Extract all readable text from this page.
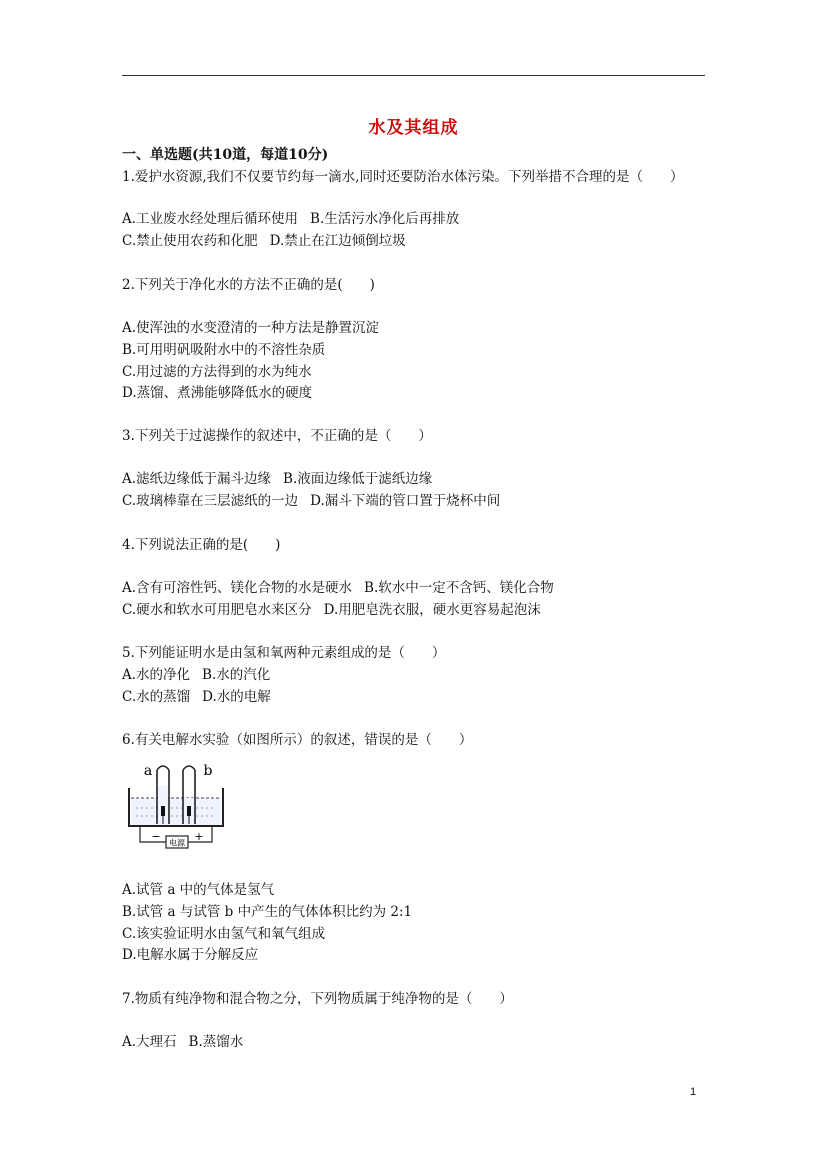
水及其组成
一、单选题(共10道，每道10分)
1.爱护水资源,我们不仅要节约每一滴水,同时还要防治水体污染。下列举措不合理的是（　　）
A.工业废水经处理后循环使用 B.生活污水净化后再排放
C.禁止使用农药和化肥 D.禁止在江边倾倒垃圾
2.下列关于净化水的方法不正确的是(　　)
A.使浑浊的水变澄清的一种方法是静置沉淀
B.可用明矾吸附水中的不溶性杂质
C.用过滤的方法得到的水为纯水
D.蒸馏、煮沸能够降低水的硬度
3.下列关于过滤操作的叙述中，不正确的是（　　）
A.滤纸边缘低于漏斗边缘 B.液面边缘低于滤纸边缘
C.玻璃棒靠在三层滤纸的一边 D.漏斗下端的管口置于烧杯中间
4.下列说法正确的是(　　)
A.含有可溶性钙、镁化合物的水是硬水 B.软水中一定不含钙、镁化合物
C.硬水和软水可用肥皂水来区分 D.用肥皂洗衣服，硬水更容易起泡沫
5.下列能证明水是由氢和氧两种元素组成的是（　　）
A.水的净化 B.水的汽化
C.水的蒸馏 D.水的电解
6.有关电解水实验（如图所示）的叙述，错误的是（　　）
电源
−	+
a	b
A.试管 a 中的气体是氢气
B.试管 a 与试管 b 中产生的气体体积比约为 2:1
C.该实验证明水由氢气和氧气组成
D.电解水属于分解反应
7.物质有纯净物和混合物之分，下列物质属于纯净物的是（　　）
A.大理石 B.蒸馏水
1
